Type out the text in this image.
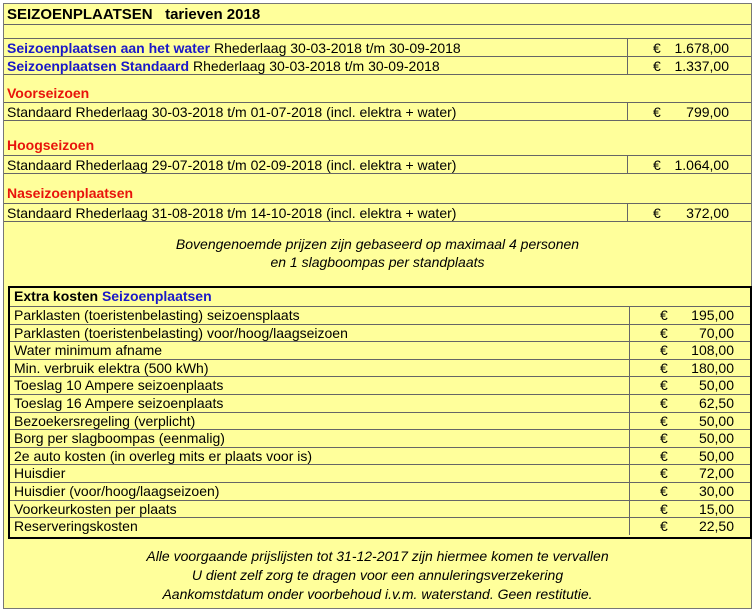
SEIZOENPLAATSEN tarieven 2018
Seizoenplaatsen aan het water Rhederlaag 30-03-2018 t/m 30-09-2018	€ 1.678,00
Seizoenplaatsen Standaard Rhederlaag 30-03-2018 t/m 30-09-2018	€ 1.337,00
Voorseizoen
Standaard Rhederlaag 30-03-2018 t/m 01-07-2018 (incl. elektra + water)	€ 799,00
Hoogseizoen
Standaard Rhederlaag 29-07-2018 t/m 02-09-2018 (incl. elektra + water)	€ 1.064,00
Naseizoenplaatsen
Standaard Rhederlaag 31-08-2018 t/m 14-10-2018 (incl. elektra + water)	€ 372,00
Bovengenoemde prijzen zijn gebaseerd op maximaal 4 personen
en 1 slagboompas per standplaats
Extra kosten Seizoenplaatsen
Parklasten (toeristenbelasting) seizoensplaats	€ 195,00
Parklasten (toeristenbelasting) voor/hoog/laagseizoen	€ 70,00
Water minimum afname	€ 108,00
Min. verbruik elektra (500 kWh)	€ 180,00
Toeslag 10 Ampere seizoenplaats	€ 50,00
Toeslag 16 Ampere seizoenplaats	€ 62,50
Bezoekersregeling (verplicht)	€ 50,00
Borg per slagboompas (eenmalig)	€ 50,00
2e auto kosten (in overleg mits er plaats voor is)	€ 50,00
Huisdier	€ 72,00
Huisdier (voor/hoog/laagseizoen)	€ 30,00
Voorkeurkosten per plaats	€ 15,00
Reserveringskosten	€ 22,50
Alle voorgaande prijslijsten tot 31-12-2017 zijn hiermee komen te vervallen
U dient zelf zorg te dragen voor een annuleringsverzekering
Aankomstdatum onder voorbehoud i.v.m. waterstand. Geen restitutie.
